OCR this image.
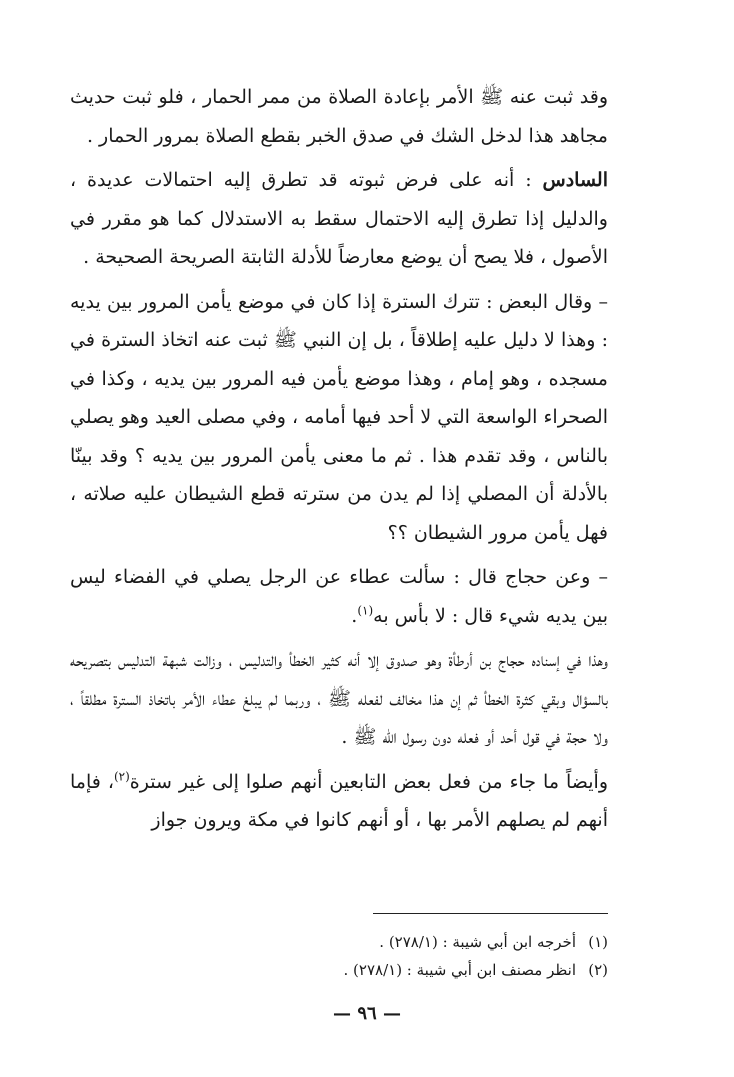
وقد ثبت عنه ﷺ الأمر بإعادة الصلاة من ممر الحمار ، فلو ثبت حديث مجاهد هذا لدخل الشك في صدق الخبر بقطع الصلاة بمرور الحمار .

السادس : أنه على فرض ثبوته قد تطرق إليه احتمالات عديدة ، والدليل إذا تطرق إليه الاحتمال سقط به الاستدلال كما هو مقرر في الأصول ، فلا يصح أن يوضع معارضاً للأدلة الثابتة الصريحة الصحيحة .

– وقال البعض : تترك السترة إذا كان في موضع يأمن المرور بين يديه : وهذا لا دليل عليه إطلاقاً ، بل إن النبي ﷺ ثبت عنه اتخاذ السترة في مسجده ، وهو إمام ، وهذا موضع يأمن فيه المرور بين يديه ، وكذا في الصحراء الواسعة التي لا أحد فيها أمامه ، وفي مصلى العيد وهو يصلي بالناس ، وقد تقدم هذا . ثم ما معنى يأمن المرور بين يديه ؟ وقد بينّا بالأدلة أن المصلي إذا لم يدن من سترته قطع الشيطان عليه صلاته ، فهل يأمن مرور الشيطان ؟؟

– وعن حجاج قال : سألت عطاء عن الرجل يصلي في الفضاء ليس بين يديه شيء قال : لا بأس به$^{(١)}$.

وهذا في إسناده حجاج بن أرطأة وهو صدوق إلا أنه كثير الخطأ والتدليس ، وزالت شبهة التدليس بتصريحه بالسؤال وبقي كثرة الخطأ ثم إن هذا مخالف لفعله ﷺ ، وربما لم يبلغ عطاء الأمر باتخاذ السترة مطلقاً ، ولا حجة في قول أحد أو فعله دون رسول الله ﷺ .

وأيضاً ما جاء من فعل بعض التابعين أنهم صلوا إلى غير سترة$^{(٢)}$، فإما أنهم لم يصلهم الأمر بها ، أو أنهم كانوا في مكة ويرون جواز

(١)
أخرجه ابن أبي شيبة : (٢٧٨/١) .
(٢)
انظر مصنف ابن أبي شيبة : (٢٧٨/١) .
— ٩٦ —
